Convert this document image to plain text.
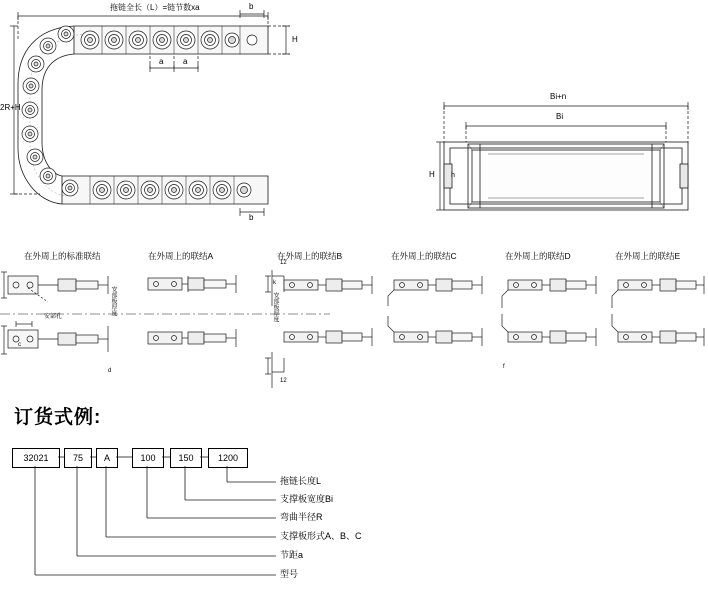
拖链全长（L）=链节数xa
H
2R+H
a a
b
b
Bi+n
Bi
H h
在外周上的标准联结	在外周上的联结A	在外周上的联结B	在外周上的联结C	在外周上的联结D	在外周上的联结E
安部孔
安部板厚度	安部板厚度
k
12
12
d
c
f
订货式例:
32021	75	A	100	150	1200
拖链长度L
支撑板宽度Bi
弯曲半径R
支撑板形式A、B、C
节距a
型号
